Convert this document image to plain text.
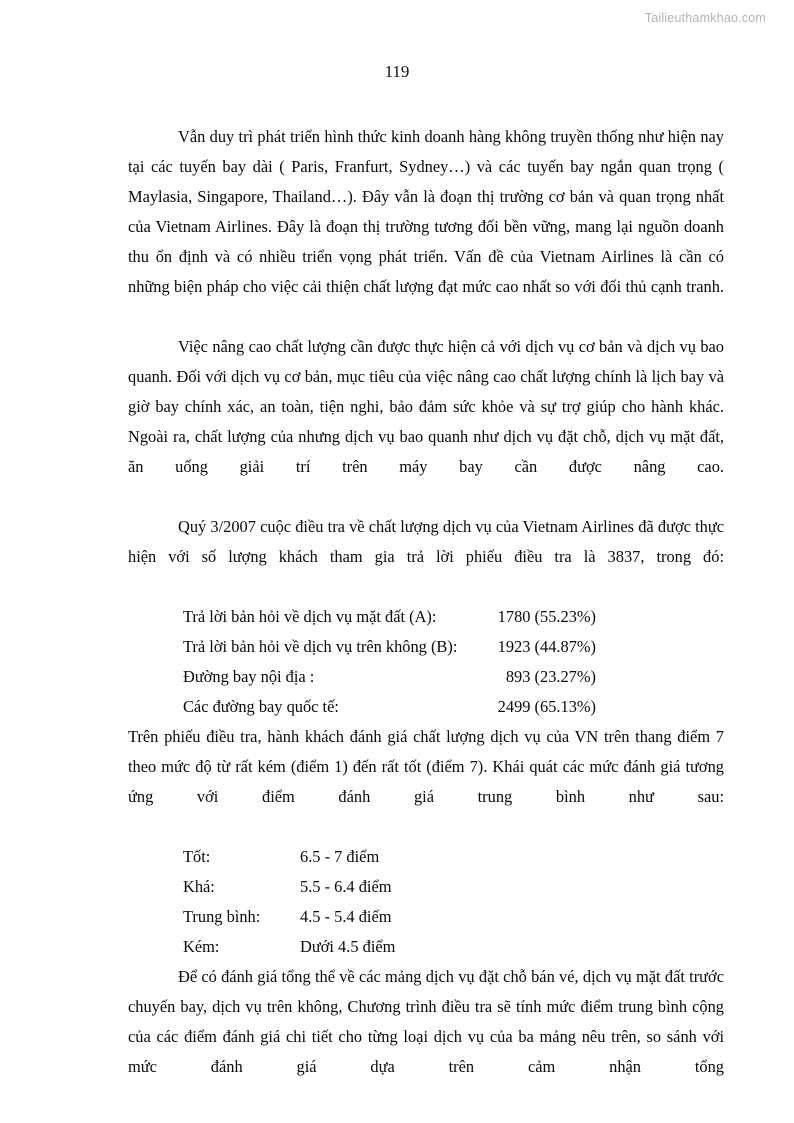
Tailieuthamkhao.com
119

Vẫn duy trì phát triển hình thức kinh doanh hàng không truyền thống như hiện nay tại các tuyến bay dài ( Paris, Franfurt, Sydney…) và các tuyến bay ngắn quan trọng ( Maylasia, Singapore, Thailand…). Đây vẫn là đoạn thị trường cơ bản và quan trọng nhất của Vietnam Airlines. Đây là đoạn thị trường tương đối bền vững, mang lại nguồn doanh thu ổn định và có nhiều triển vọng phát triển. Vấn đề của Vietnam Airlines là cần có những biện pháp cho việc cải thiện chất lượng đạt mức cao nhất so với đối thủ cạnh tranh.

Việc nâng cao chất lượng cần được thực hiện cả với dịch vụ cơ bản và dịch vụ bao quanh. Đối với dịch vụ cơ bản, mục tiêu của việc nâng cao chất lượng chính là lịch bay và giờ bay chính xác, an toàn, tiện nghi, bảo đảm sức khỏe và sự trợ giúp cho hành khác. Ngoài ra, chất lượng của nhưng dịch vụ bao quanh như dịch vụ đặt chỗ, dịch vụ mặt đất, ăn uống giải trí trên máy bay cần được nâng cao.

Quý 3/2007 cuộc điều tra về chất lượng dịch vụ của Vietnam Airlines đã được thực hiện với số lượng khách tham gia trả lời phiếu điều tra là 3837, trong đó:

Trả lời bản hỏi về dịch vụ mặt đất (A):	1780 (55.23%)
Trả lời bản hỏi về dịch vụ trên không (B):	1923 (44.87%)
Đường bay nội địa :	893 (23.27%)
Các đường bay quốc tế:	2499 (65.13%)

Trên phiếu điều tra, hành khách đánh giá chất lượng dịch vụ của VN trên thang điểm 7 theo mức độ từ rất kém (điểm 1) đến rất tốt (điểm 7). Khái quát các mức đánh giá tương ứng với điểm đánh giá trung bình như sau:

Tốt:	6.5 - 7 điểm
Khá:	5.5 - 6.4 điểm
Trung bình:	4.5 - 5.4 điểm
Kém:	Dưới 4.5 điểm

Để có đánh giá tổng thể về các mảng dịch vụ đặt chỗ bán vé, dịch vụ mặt đất trước chuyến bay, dịch vụ trên không, Chương trình điều tra sẽ tính mức điểm trung bình cộng của các điểm đánh giá chi tiết cho từng loại dịch vụ của ba mảng nêu trên, so sánh với mức đánh giá dựa trên cảm nhận tổng
